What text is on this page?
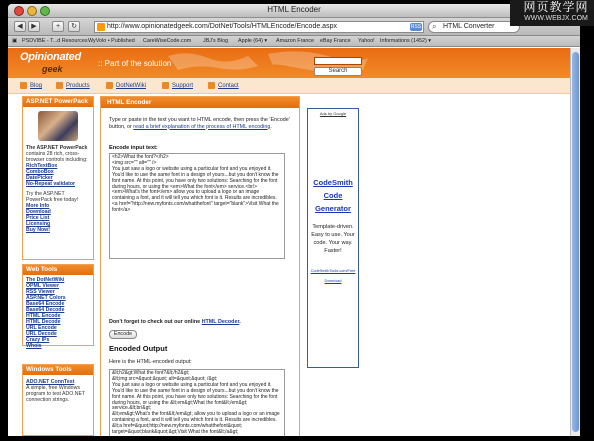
HTML Encoder
◀	▶	+	↻	http://www.opinionatedgeek.com/DotNet/Tools/HTMLEncode/Encode.aspx	RSS ⌕ HTML Converter
▣ PSDVIBE - T...d Resources WyVolo • Published CareWiseCode.com JBJ's Blog Apple (64) ▾ Amazon France eBay France Yahoo! Informations (1452) ▾
Opinionated
geek
:: Part of the solution
Search
Blog	Products	DotNetWiki	Support	Contact
ASP.NET PowerPack
The ASP.NET PowerPack contains 28 rich, cross-browser controls including:
RichTextBox
ComboBox
DatePicker
No-Repeat validator
Try the ASP.NET PowerPack free today!
More Info
Download
Price List
Licensing
Buy Now!
Web Tools
The DotNetWiki
OPML Viewer
RSS Viewer
ASP.NET Colors
Base64 Encode
Base64 Decode
HTML Encode
HTML Decode
URL Encode
URL Decode
Crazy IPs
Whois
Windows Tools
ADO.NET ConnTest
A simple, free Windows program to test ADO.NET connection strings.
HTML Encoder
Type or paste in the text you want to HTML encode, then press the 'Encode' button, or read a brief explanation of the process of HTML encoding.
Encode input text:
<h2>What the font?</h2>
<img src="" alt="" />
You just saw a logo or website using a particular font and you enjoyed it. You'd like to use the same font in a design of yours...but you don't know the font name. At this point, you have only two solutions: Searching for the font during hours, or using the <em>What the font</em> service.<br/>
<em>What's the font</em> allow you to upload a logo or an image containing a font, and it will tell you which font is it. Results are incredibles.
<a href="http://new.myfonts.com/whatthefont" target="blank">Visit What the font</a>
Don't forget to check out our online HTML Decoder.
Encode
Encoded Output
Here is the HTML-encoded output:
&lt;h2&gt;What the font?&lt;/h2&gt;
&lt;img src=&quot;&quot; alt=&quot;&quot; /&gt;
You just saw a logo or website using a particular font and you enjoyed it. You'd like to use the same font in a design of yours...but you don't know the font name. At this point, you have only two solutions: Searching for the font during hours, or using the &lt;em&gt;What the font&lt;/em&gt; service.&lt;br/&gt;
&lt;em&gt;What's the font&lt;/em&gt; allow you to upload a logo or an image containing a font, and it will tell you which font is it. Results are incredibles.
&lt;a href=&quot;http://new.myfonts.com/whatthefont&quot; target=&quot;blank&quot;&gt;Visit What the font&lt;/a&gt;
Ads by Google
CodeSmith
Code
Generator
Template-driven. Easy to use. Your code. Your way. Faster!
CodeSmithTools.com/Free
Download
网页教学网
WWW.WEBJX.COM
